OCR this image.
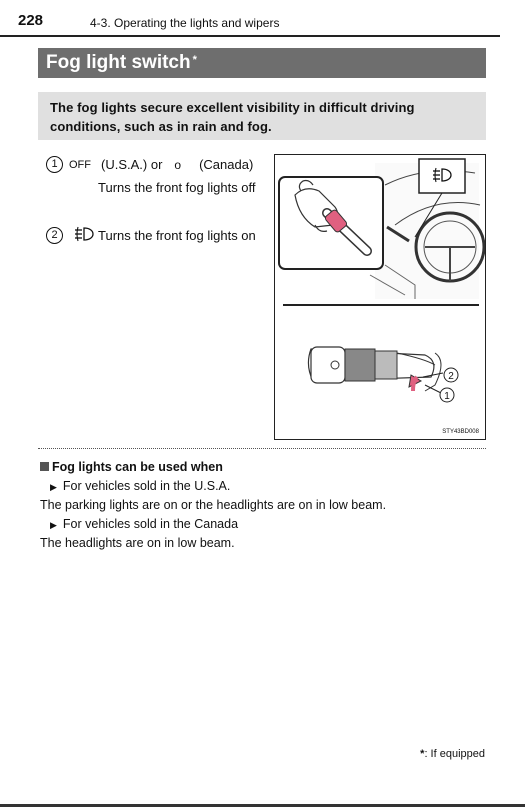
228	4-3. Operating the lights and wipers
Fog light switch *
The fog lights secure excellent visibility in difficult driving conditions, such as in rain and fog.
1 OFF (U.S.A.) or o (Canada)
Turns the front fog lights off
2	Turns the front fog lights on
2
1
STY43BD008
Fog lights can be used when
▶ For vehicles sold in the U.S.A.
The parking lights are on or the headlights are on in low beam.
▶ For vehicles sold in the Canada
The headlights are on in low beam.
*: If equipped
